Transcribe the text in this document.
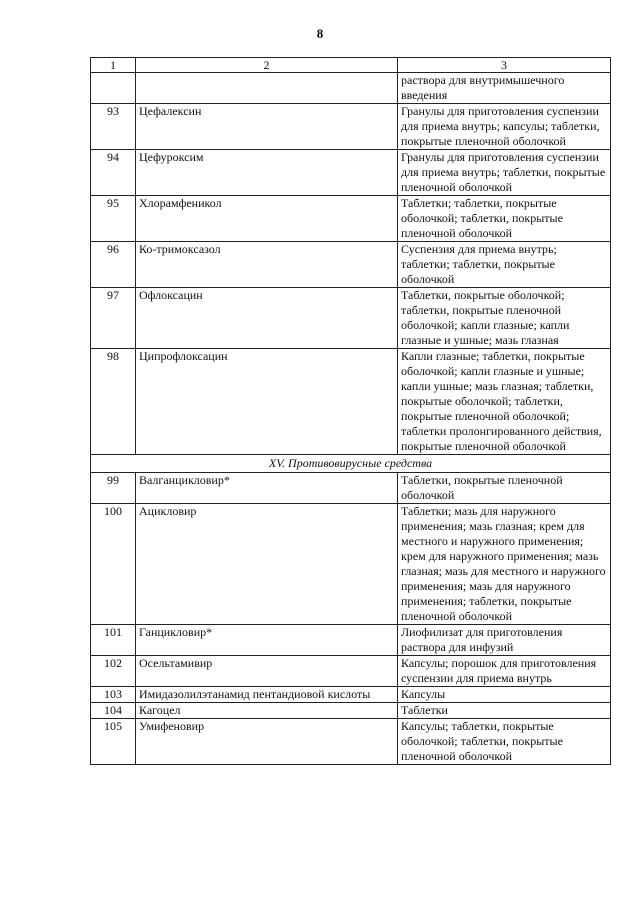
8
1	2	3
		раствора для внутримышечного введения
93	Цефалексин	Гранулы для приготовления суспензии для приема внутрь; капсулы; таблетки, покрытые пленочной оболочкой
94	Цефуроксим	Гранулы для приготовления суспензии для приема внутрь; таблетки, покрытые пленочной оболочкой
95	Хлорамфеникол	Таблетки; таблетки, покрытые оболочкой; таблетки, покрытые пленочной оболочкой
96	Ко-тримоксазол	Суспензия для приема внутрь; таблетки; таблетки, покрытые оболочкой
97	Офлоксацин	Таблетки, покрытые оболочкой; таблетки, покрытые пленочной оболочкой; капли глазные; капли глазные и ушные; мазь глазная
98	Ципрофлоксацин	Капли глазные; таблетки, покрытые оболочкой; капли глазные и ушные; капли ушные; мазь глазная; таблетки, покрытые оболочкой; таблетки, покрытые пленочной оболочкой; таблетки пролонгированного действия, покрытые пленочной оболочкой
XV. Противовирусные средства		
99	Валганцикловир*	Таблетки, покрытые пленочной оболочкой
100	Ацикловир	Таблетки; мазь для наружного применения; мазь глазная; крем для местного и наружного применения; крем для наружного применения; мазь глазная; мазь для местного и наружного применения; мазь для наружного применения; таблетки, покрытые пленочной оболочкой
101	Ганцикловир*	Лиофилизат для приготовления раствора для инфузий
102	Осельтамивир	Капсулы; порошок для приготовления суспензии для приема внутрь
103	Имидазолилэтанамид пентандиовой кислоты	Капсулы
104	Кагоцел	Таблетки
105	Умифеновир	Капсулы; таблетки, покрытые оболочкой; таблетки, покрытые пленочной оболочкой
